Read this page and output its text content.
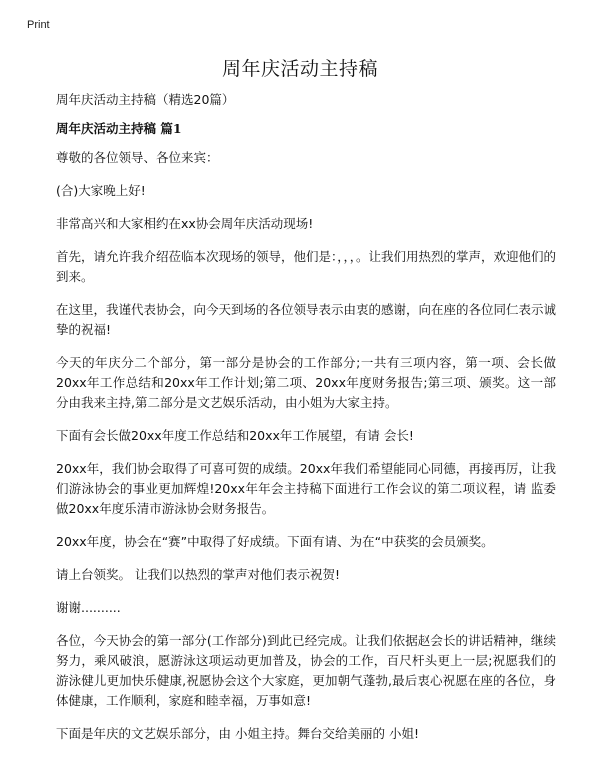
Print
周年庆活动主持稿

周年庆活动主持稿（精选20篇）

周年庆活动主持稿 篇1

尊敬的各位领导、各位来宾：

(合)大家晚上好!

非常高兴和大家相约在xx协会周年庆活动现场!

首先，请允许我介绍莅临本次现场的领导，他们是：，，，。让我们用热烈的掌声，欢迎他们的到来。

在这里，我谨代表协会，向今天到场的各位领导表示由衷的感谢，向在座的各位同仁表示诚挚的祝福!

今天的年庆分二个部分，第一部分是协会的工作部分;一共有三项内容，第一项、会长做20xx年工作总结和20xx年工作计划;第二项、20xx年度财务报告;第三项、颁奖。这一部分由我来主持,第二部分是文艺娱乐活动，由小姐为大家主持。

下面有会长做20xx年度工作总结和20xx年工作展望，有请 会长!

20xx年，我们协会取得了可喜可贺的成绩。20xx年我们希望能同心同德，再接再厉，让我们游泳协会的事业更加辉煌!20xx年年会主持稿下面进行工作会议的第二项议程，请 监委做20xx年度乐清市游泳协会财务报告。

20xx年度，协会在“赛”中取得了好成绩。下面有请、为在“中获奖的会员颁奖。

请上台领奖。 让我们以热烈的掌声对他们表示祝贺!

谢谢..........

各位，今天协会的第一部分(工作部分)到此已经完成。让我们依据赵会长的讲话精神，继续努力，乘风破浪，愿游泳这项运动更加普及，协会的工作，百尺杆头更上一层;祝愿我们的游泳健儿更加快乐健康,祝愿协会这个大家庭，更加朝气蓬勃,最后衷心祝愿在座的各位，身体健康，工作顺利，家庭和睦幸福，万事如意!

下面是年庆的文艺娱乐部分，由 小姐主持。舞台交给美丽的 小姐!
